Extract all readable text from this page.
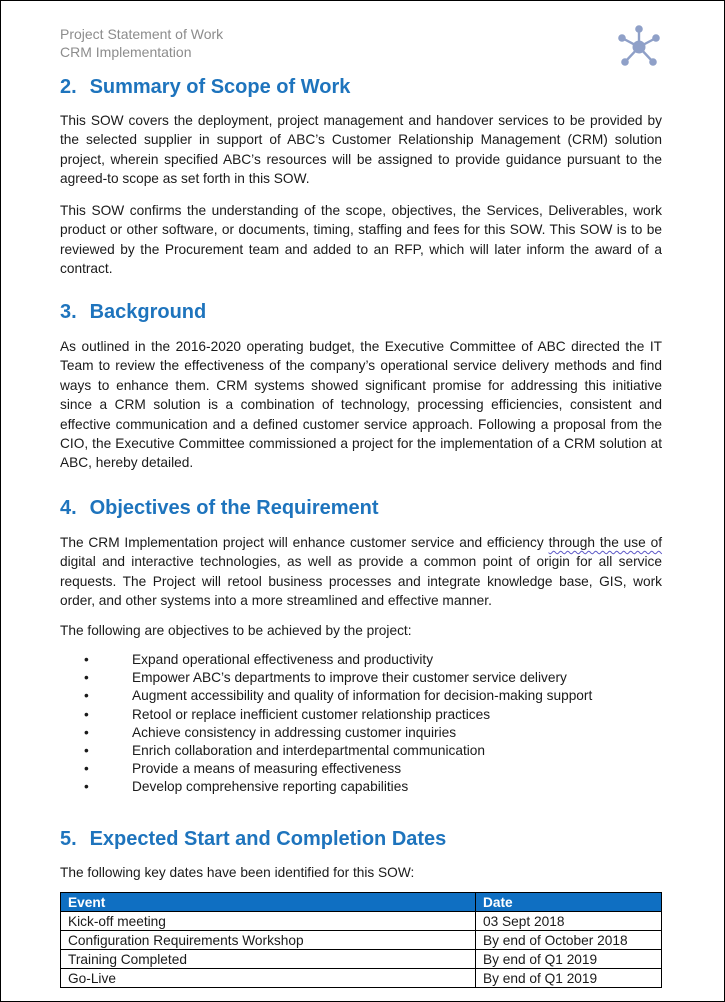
Project Statement of Work
CRM Implementation
2. Summary of Scope of Work

This SOW covers the deployment, project management and handover services to be provided by the selected supplier in support of ABC’s Customer Relationship Management (CRM) solution project, wherein specified ABC’s resources will be assigned to provide guidance pursuant to the agreed-to scope as set forth in this SOW.

This SOW confirms the understanding of the scope, objectives, the Services, Deliverables, work product or other software, or documents, timing, staffing and fees for this SOW. This SOW is to be reviewed by the Procurement team and added to an RFP, which will later inform the award of a contract.

3. Background

As outlined in the 2016-2020 operating budget, the Executive Committee of ABC directed the IT Team to review the effectiveness of the company’s operational service delivery methods and find ways to enhance them. CRM systems showed significant promise for addressing this initiative since a CRM solution is a combination of technology, processing efficiencies, consistent and effective communication and a defined customer service approach. Following a proposal from the CIO, the Executive Committee commissioned a project for the implementation of a CRM solution at ABC, hereby detailed.

4. Objectives of the Requirement

The CRM Implementation project will enhance customer service and efficiency through the use of digital and interactive technologies, as well as provide a common point of origin for all service requests. The Project will retool business processes and integrate knowledge base, GIS, work order, and other systems into a more streamlined and effective manner.

The following are objectives to be achieved by the project:

•	Expand operational effectiveness and productivity
•	Empower ABC’s departments to improve their customer service delivery
•	Augment accessibility and quality of information for decision-making support
•	Retool or replace inefficient customer relationship practices
•	Achieve consistency in addressing customer inquiries
•	Enrich collaboration and interdepartmental communication
•	Provide a means of measuring effectiveness
•	Develop comprehensive reporting capabilities
5. Expected Start and Completion Dates

The following key dates have been identified for this SOW:

Event	Date
Kick-off meeting	03 Sept 2018
Configuration Requirements Workshop	By end of October 2018
Training Completed	By end of Q1 2019
Go-Live	By end of Q1 2019
